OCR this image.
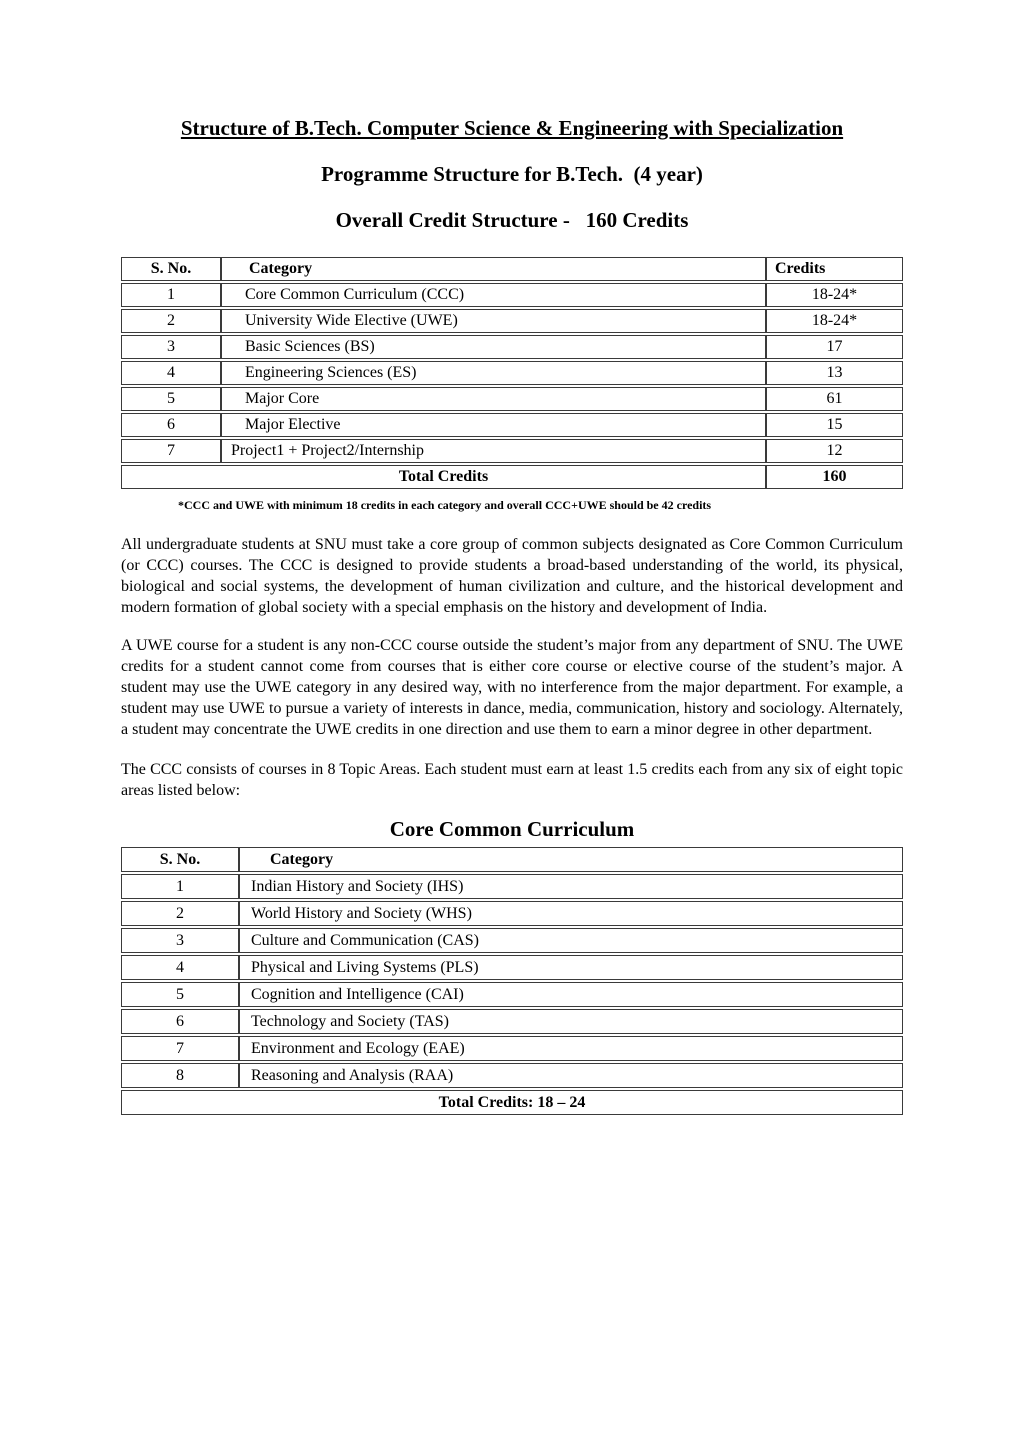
Structure of B.Tech. Computer Science & Engineering with Specialization
Programme Structure for B.Tech.  (4 year)
Overall Credit Structure -   160 Credits
S. No.	Category	Credits
1	Core Common Curriculum (CCC)	18-24*
2	University Wide Elective (UWE)	18-24*
3	Basic Sciences (BS)	17
4	Engineering Sciences (ES)	13
5	Major Core	61
6	Major Elective	15
7	Project1 + Project2/Internship	12
Total Credits		160
*CCC and UWE with minimum 18 credits in each category and overall CCC+UWE should be 42 credits

All undergraduate students at SNU must take a core group of common subjects designated as Core Common Curriculum (or CCC) courses. The CCC is designed to provide students a broad-based understanding of the world, its physical, biological and social systems, the development of human civilization and culture, and the historical development and modern formation of global society with a special emphasis on the history and development of India.

A UWE course for a student is any non-CCC course outside the student’s major from any department of SNU. The UWE credits for a student cannot come from courses that is either core course or elective course of the student’s major. A student may use the UWE category in any desired way, with no interference from the major department. For example, a student may use UWE to pursue a variety of interests in dance, media, communication, history and sociology. Alternately, a student may concentrate the UWE credits in one direction and use them to earn a minor degree in other department.

The CCC consists of courses in 8 Topic Areas. Each student must earn at least 1.5 credits each from any six of eight topic areas listed below:

Core Common Curriculum
S. No.	Category
1	Indian History and Society (IHS)
2	World History and Society (WHS)
3	Culture and Communication (CAS)
4	Physical and Living Systems (PLS)
5	Cognition and Intelligence (CAI)
6	Technology and Society (TAS)
7	Environment and Ecology (EAE)
8	Reasoning and Analysis (RAA)
Total Credits: 18 – 24	
